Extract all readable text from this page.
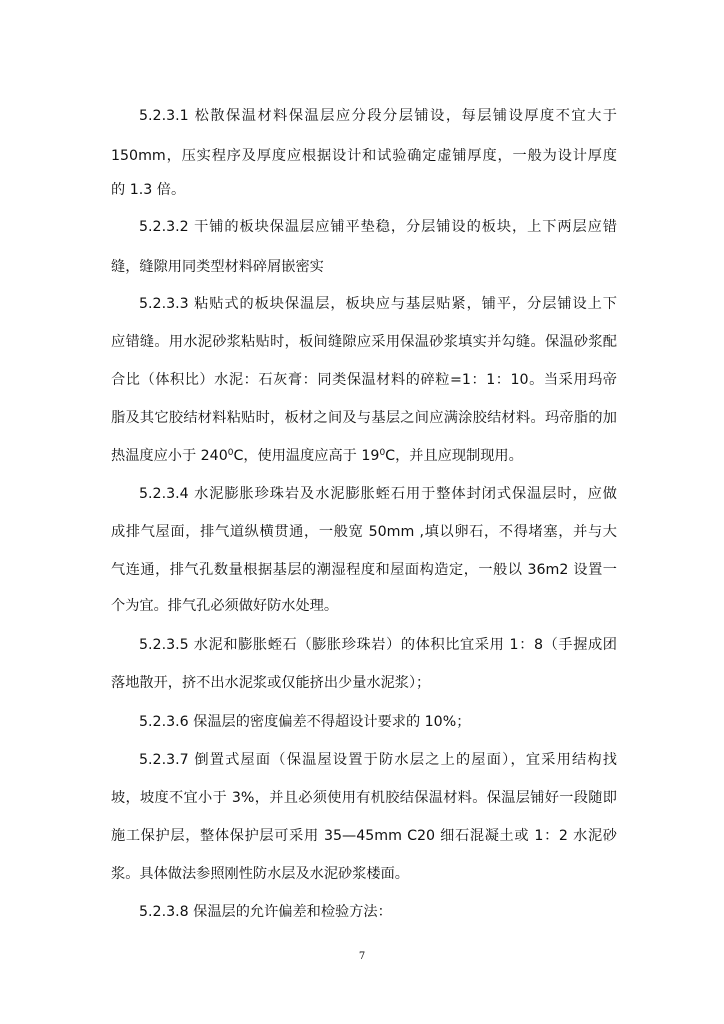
5.2.3.1 松散保温材料保温层应分段分层铺设，每层铺设厚度不宜大于
150mm，压实程序及厚度应根据设计和试验确定虚铺厚度，一般为设计厚度
的 1.3 倍。
5.2.3.2 干铺的板块保温层应铺平垫稳，分层铺设的板块，上下两层应错
缝，缝隙用同类型材料碎屑嵌密实
5.2.3.3 粘贴式的板块保温层，板块应与基层贴紧，铺平，分层铺设上下
应错缝。用水泥砂浆粘贴时，板间缝隙应采用保温砂浆填实并勾缝。保温砂浆配
合比（体积比）水泥：石灰膏：同类保温材料的碎粒=1：1：10。当采用玛帝
脂及其它胶结材料粘贴时，板材之间及与基层之间应满涂胶结材料。玛帝脂的加
热温度应小于 $240^0C$，使用温度应高于 $19^0C$，并且应现制现用。
5.2.3.4 水泥膨胀珍珠岩及水泥膨胀蛭石用于整体封闭式保温层时，应做
成排气屋面，排气道纵横贯通，一般宽 50mm ,填以卵石，不得堵塞，并与大
气连通，排气孔数量根据基层的潮湿程度和屋面构造定，一般以 36m2 设置一
个为宜。排气孔必须做好防水处理。
5.2.3.5 水泥和膨胀蛭石（膨胀珍珠岩）的体积比宜采用 1：8（手握成团
落地散开，挤不出水泥浆或仅能挤出少量水泥浆）；
5.2.3.6 保温层的密度偏差不得超设计要求的 10%；
5.2.3.7 倒置式屋面（保温屋设置于防水层之上的屋面），宜采用结构找
坡，坡度不宜小于 3%，并且必须使用有机胶结保温材料。保温层铺好一段随即
施工保护层，整体保护层可采用 35—45mm C20 细石混凝土或 1：2 水泥砂
浆。具体做法参照刚性防水层及水泥砂浆楼面。
5.2.3.8 保温层的允许偏差和检验方法：
7
